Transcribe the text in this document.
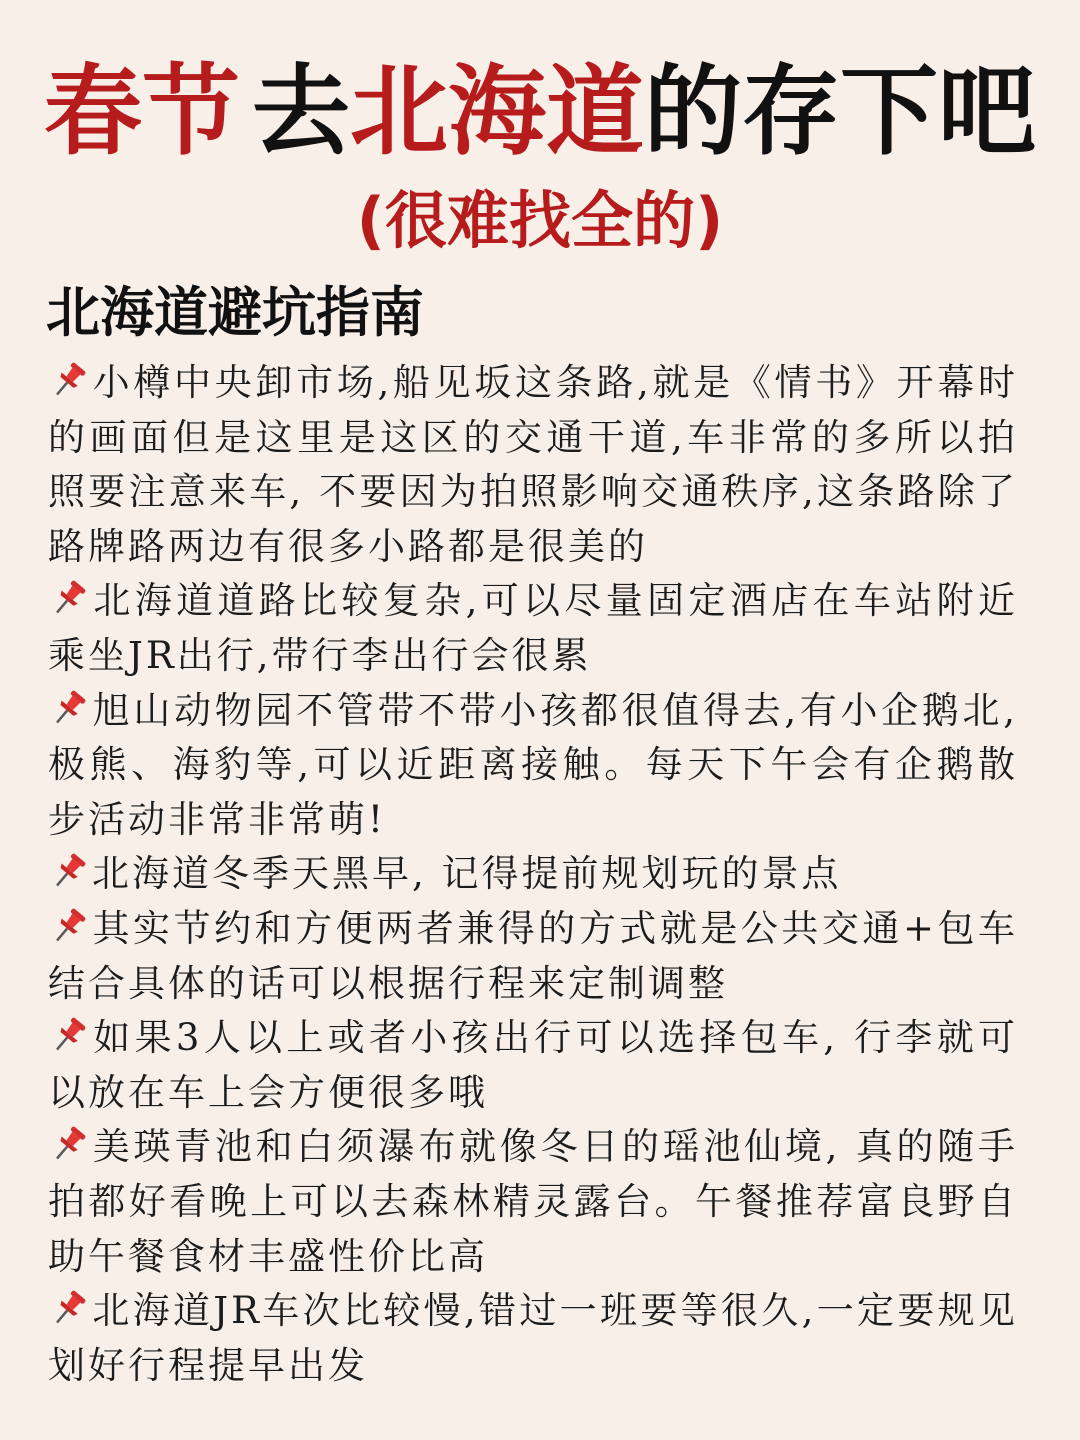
春节 去北海道的存下吧
(很难找全的)
北海道避坑指南
小樽中央卸市场,船见坂这条路,就是《情书》开幕时的画面但是这里是这区的交通干道,车非常的多所以拍照要注意来车, 不要因为拍照影响交通秩序,这条路除了路牌路两边有很多小路都是很美的
北海道道路比较复杂,可以尽量固定酒店在车站附近乘坐JR出行,带行李出行会很累
旭山动物园不管带不带小孩都很值得去,有小企鹅北,极熊、海豹等,可以近距离接触。每天下午会有企鹅散步活动非常非常萌!
北海道冬季天黑早, 记得提前规划玩的景点
其实节约和方便两者兼得的方式就是公共交通+包车结合具体的话可以根据行程来定制调整
如果3人以上或者小孩出行可以选择包车, 行李就可以放在车上会方便很多哦
美瑛青池和白须瀑布就像冬日的瑶池仙境, 真的随手拍都好看晚上可以去森林精灵露台。午餐推荐富良野自助午餐食材丰盛性价比高
北海道JR车次比较慢,错过一班要等很久,一定要规见划好行程提早出发
